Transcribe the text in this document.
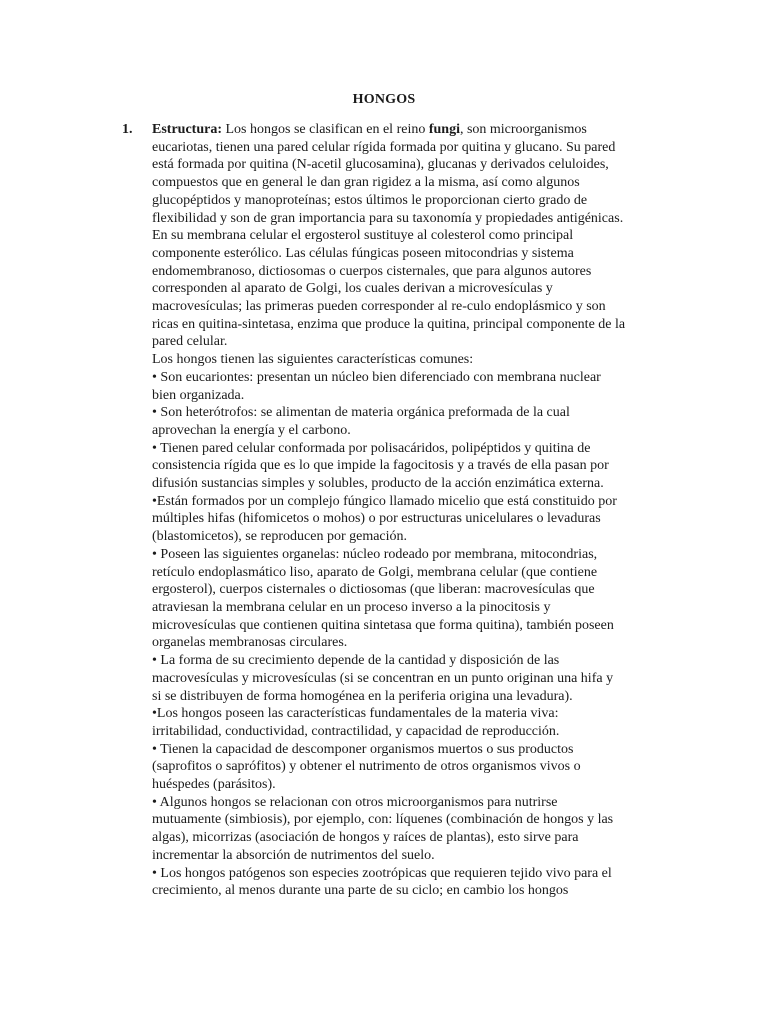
HONGOS
1. Estructura: Los hongos se clasifican en el reino fungi, son microorganismos
eucariotas, tienen una pared celular rígida formada por quitina y glucano. Su pared
está formada por quitina (N-acetil glucosamina), glucanas y derivados celuloides,
compuestos que en general le dan gran rigidez a la misma, así como algunos
glucopéptidos y manoproteínas; estos últimos le proporcionan cierto grado de
flexibilidad y son de gran importancia para su taxonomía y propiedades antigénicas.
En su membrana celular el ergosterol sustituye al colesterol como principal
componente esterólico. Las células fúngicas poseen mitocondrias y sistema
endomembranoso, dictiosomas o cuerpos cisternales, que para algunos autores
corresponden al aparato de Golgi, los cuales derivan a microvesículas y
macrovesículas; las primeras pueden corresponder al re-culo endoplásmico y son
ricas en quitina-sintetasa, enzima que produce la quitina, principal componente de la
pared celular.
Los hongos tienen las siguientes características comunes:
• Son eucariontes: presentan un núcleo bien diferenciado con membrana nuclear
bien organizada.
• Son heterótrofos: se alimentan de materia orgánica preformada de la cual
aprovechan la energía y el carbono.
• Tienen pared celular conformada por polisacáridos, polipéptidos y quitina de
consistencia rígida que es lo que impide la fagocitosis y a través de ella pasan por
difusión sustancias simples y solubles, producto de la acción enzimática externa.
•Están formados por un complejo fúngico llamado micelio que está constituido por
múltiples hifas (hifomicetos o mohos) o por estructuras unicelulares o levaduras
(blastomicetos), se reproducen por gemación.
• Poseen las siguientes organelas: núcleo rodeado por membrana, mitocondrias,
retículo endoplasmático liso, aparato de Golgi, membrana celular (que contiene
ergosterol), cuerpos cisternales o dictiosomas (que liberan: macrovesículas que
atraviesan la membrana celular en un proceso inverso a la pinocitosis y
microvesículas que contienen quitina sintetasa que forma quitina), también poseen
organelas membranosas circulares.
• La forma de su crecimiento depende de la cantidad y disposición de las
macrovesículas y microvesículas (si se concentran en un punto originan una hifa y
si se distribuyen de forma homogénea en la periferia origina una levadura).
•Los hongos poseen las características fundamentales de la materia viva:
irritabilidad, conductividad, contractilidad, y capacidad de reproducción.
• Tienen la capacidad de descomponer organismos muertos o sus productos
(saprofitos o saprófitos) y obtener el nutrimento de otros organismos vivos o
huéspedes (parásitos).
• Algunos hongos se relacionan con otros microorganismos para nutrirse
mutuamente (simbiosis), por ejemplo, con: líquenes (combinación de hongos y las
algas), micorrizas (asociación de hongos y raíces de plantas), esto sirve para
incrementar la absorción de nutrimentos del suelo.
• Los hongos patógenos son especies zootrópicas que requieren tejido vivo para el
crecimiento, al menos durante una parte de su ciclo; en cambio los hongos
